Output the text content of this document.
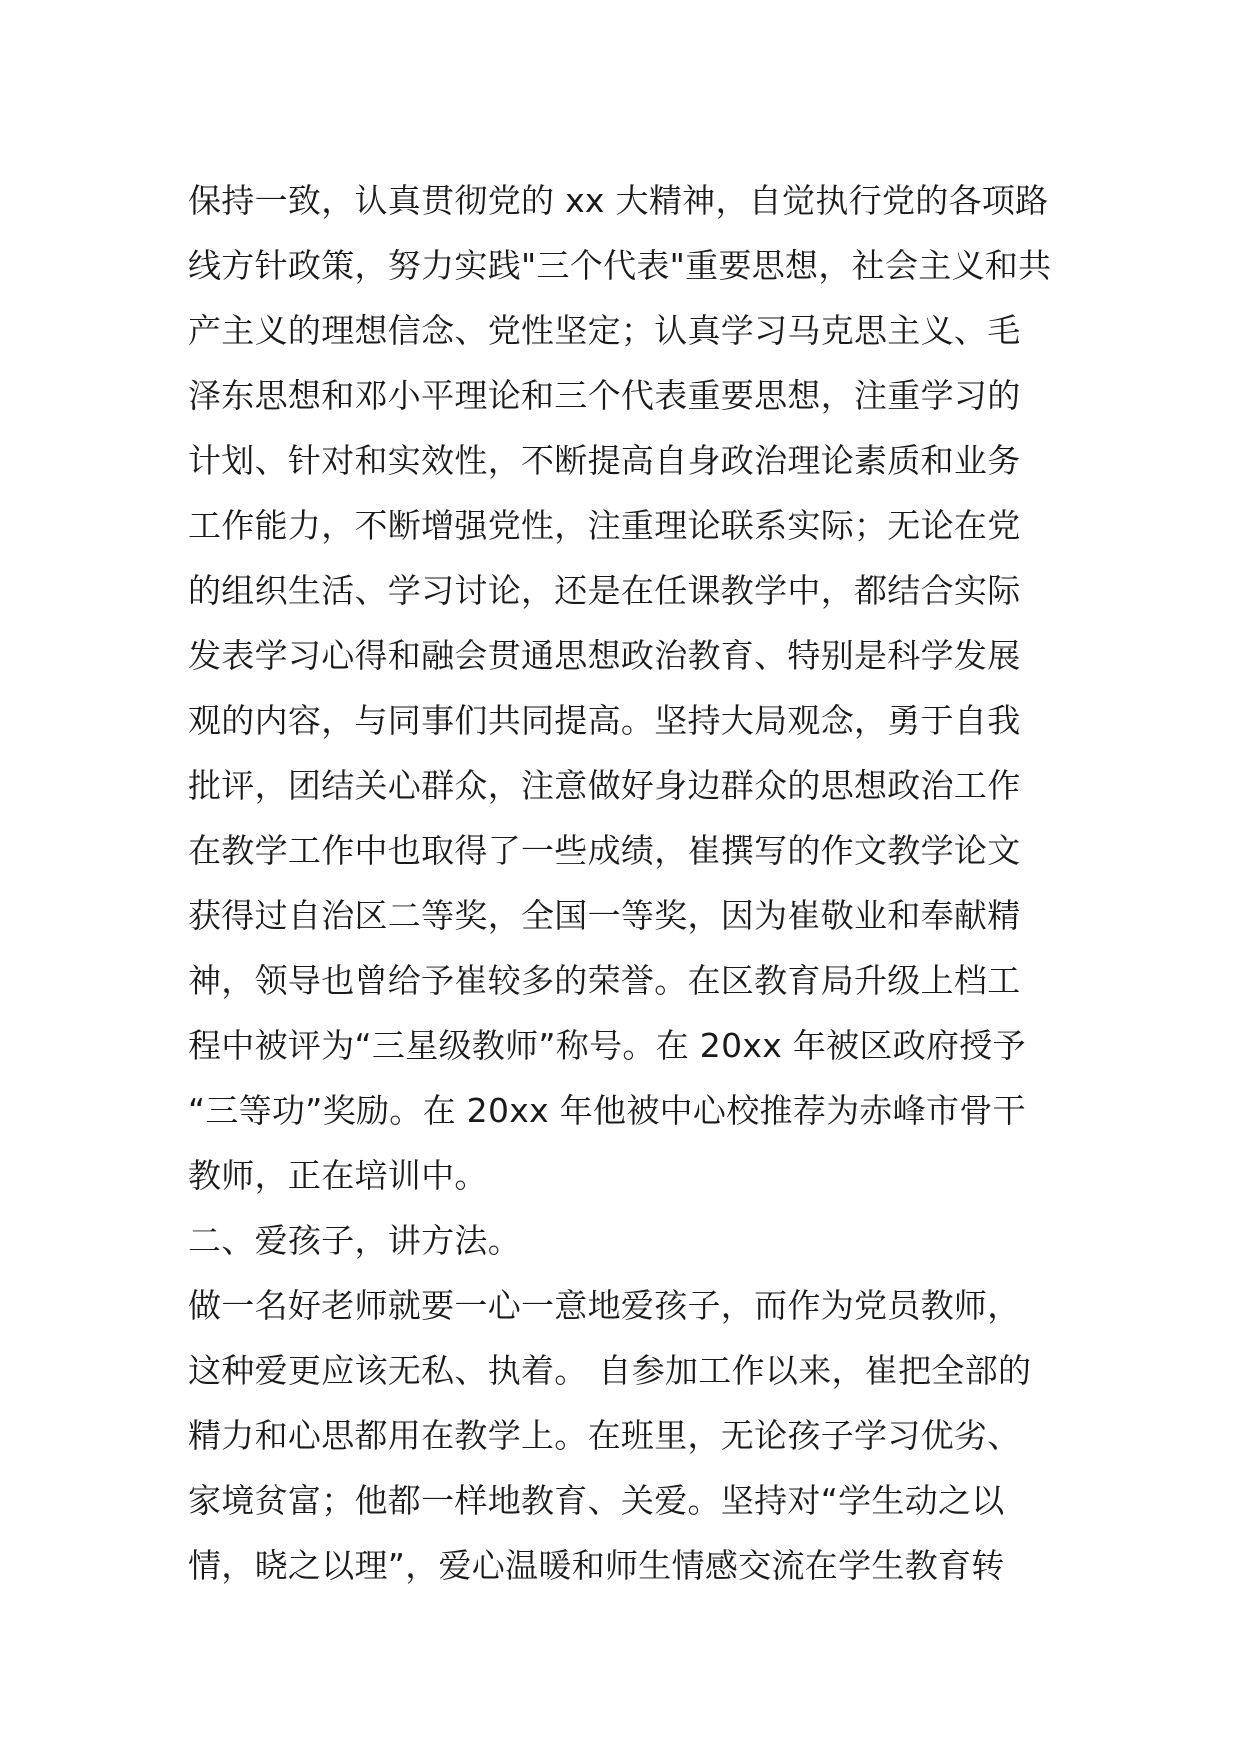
保持一致，认真贯彻党的 xx 大精神，自觉执行党的各项路
线方针政策，努力实践"三个代表"重要思想，社会主义和共
产主义的理想信念、党性坚定；认真学习马克思主义、毛
泽东思想和邓小平理论和三个代表重要思想，注重学习的
计划、针对和实效性，不断提高自身政治理论素质和业务
工作能力，不断增强党性，注重理论联系实际；无论在党
的组织生活、学习讨论，还是在任课教学中，都结合实际
发表学习心得和融会贯通思想政治教育、特别是科学发展
观的内容，与同事们共同提高。坚持大局观念，勇于自我
批评，团结关心群众，注意做好身边群众的思想政治工作
在教学工作中也取得了一些成绩，崔撰写的作文教学论文
获得过自治区二等奖，全国一等奖，因为崔敬业和奉献精
神，领导也曾给予崔较多的荣誉。在区教育局升级上档工
程中被评为“三星级教师”称号。在 20xx 年被区政府授予
“三等功”奖励。在 20xx 年他被中心校推荐为赤峰市骨干
教师，正在培训中。
二、爱孩子，讲方法。
做一名好老师就要一心一意地爱孩子，而作为党员教师，
这种爱更应该无私、执着。 自参加工作以来，崔把全部的
精力和心思都用在教学上。在班里，无论孩子学习优劣、
家境贫富；他都一样地教育、关爱。坚持对“学生动之以
情，晓之以理”，爱心温暖和师生情感交流在学生教育转
